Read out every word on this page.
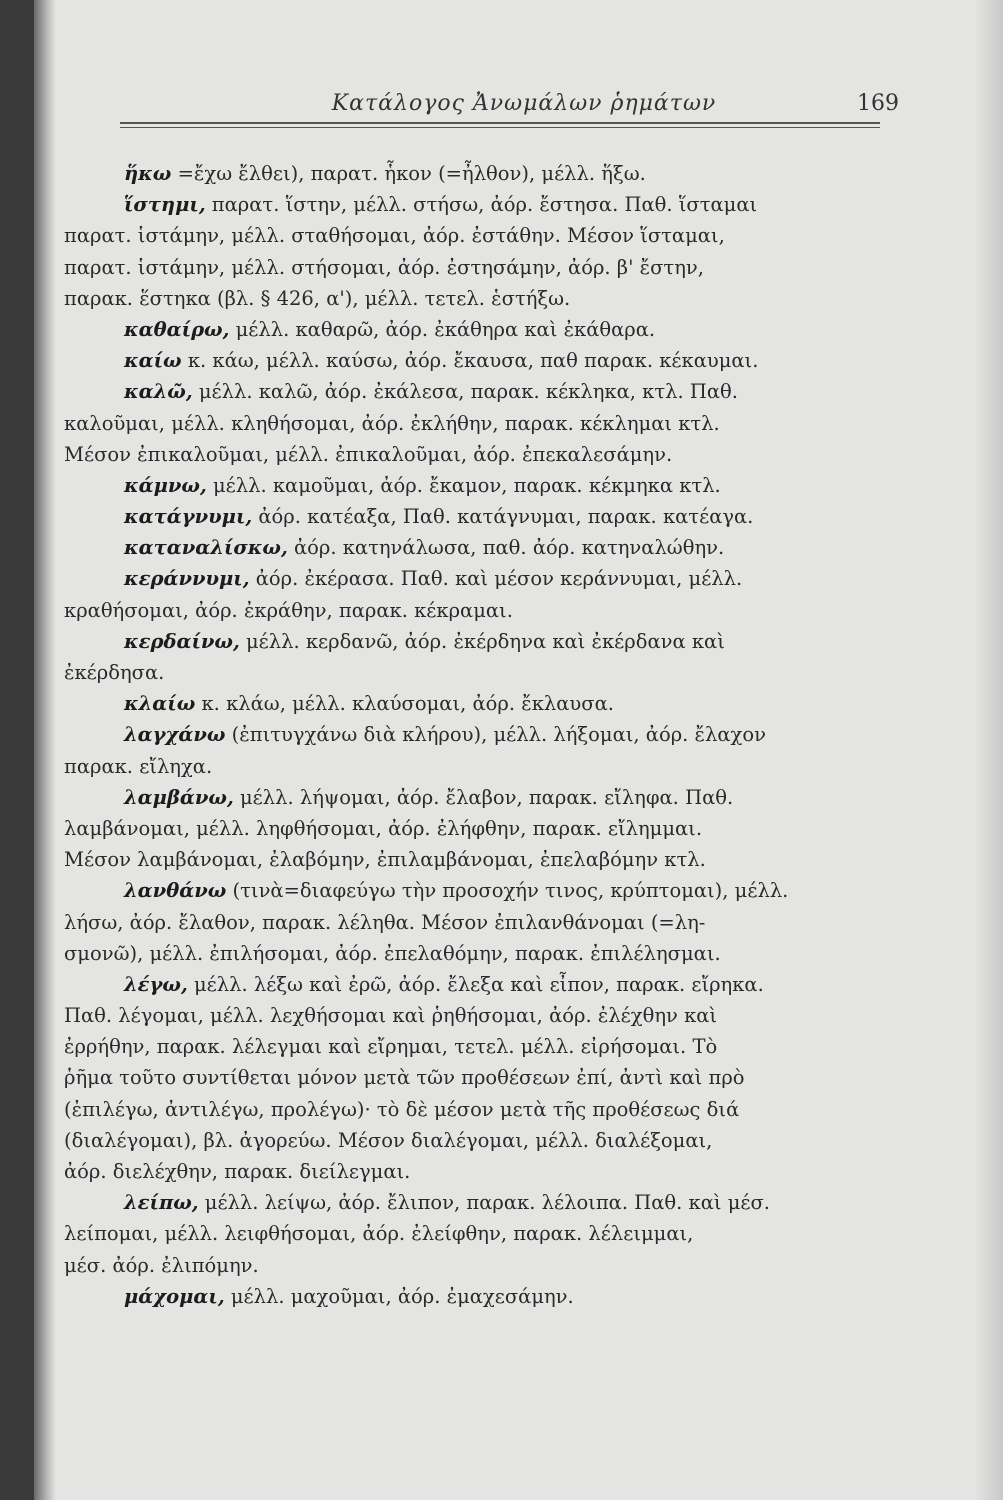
Κατάλογος Ἀνωμάλων ῥημάτων	169
ἥκω =ἔχω ἔλθει), παρατ. ἧκον (=ἦλθον), μέλλ. ἥξω.
ἵστημι, παρατ. ἵστην, μέλλ. στήσω, ἀόρ. ἔστησα. Παθ. ἵσταμαι
παρατ. ἱστάμην, μέλλ. σταθήσομαι, ἀόρ. ἐστάθην. Μέσον ἵσταμαι,
παρατ. ἱστάμην, μέλλ. στήσομαι, ἀόρ. ἐστησάμην, ἀόρ. β' ἔστην,
παρακ. ἕστηκα (βλ. § 426, α'), μέλλ. τετελ. ἑστήξω.
καθαίρω, μέλλ. καθαρῶ, ἀόρ. ἐκάθηρα καὶ ἐκάθαρα.
καίω κ. κάω, μέλλ. καύσω, ἀόρ. ἔκαυσα, παθ παρακ. κέκαυμαι.
καλῶ, μέλλ. καλῶ, ἀόρ. ἐκάλεσα, παρακ. κέκληκα, κτλ. Παθ.
καλοῦμαι, μέλλ. κληθήσομαι, ἀόρ. ἐκλήθην, παρακ. κέκλημαι κτλ.
Μέσον ἐπικαλοῦμαι, μέλλ. ἐπικαλοῦμαι, ἀόρ. ἐπεκαλεσάμην.
κάμνω, μέλλ. καμοῦμαι, ἀόρ. ἔκαμον, παρακ. κέκμηκα κτλ.
κατάγνυμι, ἀόρ. κατέαξα, Παθ. κατάγνυμαι, παρακ. κατέαγα.
καταναλίσκω, ἀόρ. κατηνάλωσα, παθ. ἀόρ. κατηναλώθην.
κεράννυμι, ἀόρ. ἐκέρασα. Παθ. καὶ μέσον κεράννυμαι, μέλλ.
κραθήσομαι, ἀόρ. ἐκράθην, παρακ. κέκραμαι.
κερδαίνω, μέλλ. κερδανῶ, ἀόρ. ἐκέρδηνα καὶ ἐκέρδανα καὶ
ἐκέρδησα.
κλαίω κ. κλάω, μέλλ. κλαύσομαι, ἀόρ. ἔκλαυσα.
λαγχάνω (ἐπιτυγχάνω διὰ κλήρου), μέλλ. λήξομαι, ἀόρ. ἔλαχον
παρακ. εἴληχα.
λαμβάνω, μέλλ. λήψομαι, ἀόρ. ἔλαβον, παρακ. εἴληφα. Παθ.
λαμβάνομαι, μέλλ. ληφθήσομαι, ἀόρ. ἐλήφθην, παρακ. εἴλημμαι.
Μέσον λαμβάνομαι, ἐλαβόμην, ἐπιλαμβάνομαι, ἐπελαβόμην κτλ.
λανθάνω (τινὰ=διαφεύγω τὴν προσοχήν τινος, κρύπτομαι), μέλλ.
λήσω, ἀόρ. ἔλαθον, παρακ. λέληθα. Μέσον ἐπιλανθάνομαι (=λη-
σμονῶ), μέλλ. ἐπιλήσομαι, ἀόρ. ἐπελαθόμην, παρακ. ἐπιλέλησμαι.
λέγω, μέλλ. λέξω καὶ ἐρῶ, ἀόρ. ἔλεξα καὶ εἶπον, παρακ. εἴρηκα.
Παθ. λέγομαι, μέλλ. λεχθήσομαι καὶ ῥηθήσομαι, ἀόρ. ἐλέχθην καὶ
ἐρρήθην, παρακ. λέλεγμαι καὶ εἴρημαι, τετελ. μέλλ. εἰρήσομαι. Τὸ
ῥῆμα τοῦτο συντίθεται μόνον μετὰ τῶν προθέσεων ἐπί, ἀντὶ καὶ πρὸ
(ἐπιλέγω, ἀντιλέγω, προλέγω)· τὸ δὲ μέσον μετὰ τῆς προθέσεως διά
(διαλέγομαι), βλ. ἀγορεύω. Μέσον διαλέγομαι, μέλλ. διαλέξομαι,
ἀόρ. διελέχθην, παρακ. διείλεγμαι.
λείπω, μέλλ. λείψω, ἀόρ. ἔλιπον, παρακ. λέλοιπα. Παθ. καὶ μέσ.
λείπομαι, μέλλ. λειφθήσομαι, ἀόρ. ἐλείφθην, παρακ. λέλειμμαι,
μέσ. ἀόρ. ἐλιπόμην.
μάχομαι, μέλλ. μαχοῦμαι, ἀόρ. ἐμαχεσάμην.
